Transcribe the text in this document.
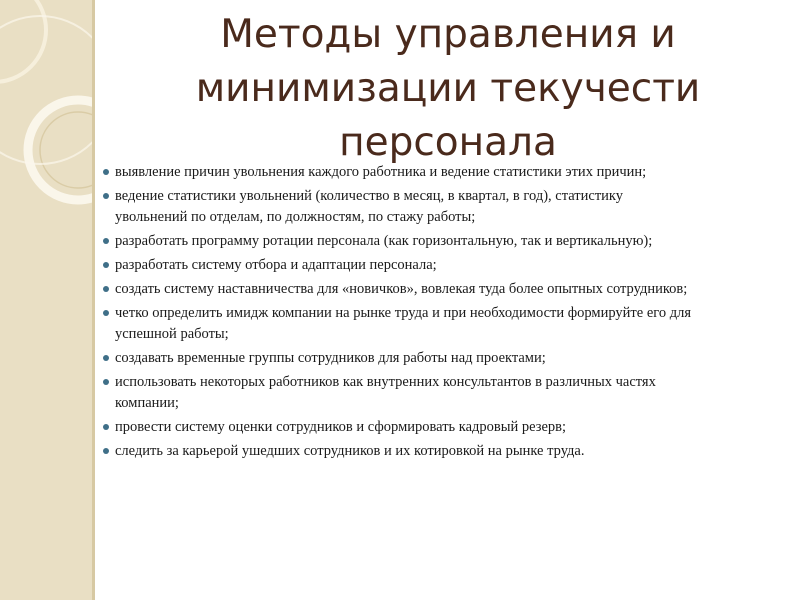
Методы управления и минимизации текучести персонала
выявление причин увольнения каждого работника и ведение статистики этих причин;
ведение статистики увольнений (количество в месяц, в квартал, в год), статистику увольнений по отделам, по должностям, по стажу работы;
разработать программу ротации персонала (как горизонтальную, так и вертикальную);
разработать систему отбора и адаптации персонала;
создать систему наставничества для «новичков», вовлекая туда более опытных сотрудников;
четко определить имидж компании на рынке труда и при необходимости формируйте его для успешной работы;
создавать временные группы сотрудников для работы над проектами;
использовать некоторых работников как внутренних консультантов в различных частях компании;
провести систему оценки сотрудников и сформировать кадровый резерв;
следить за карьерой ушедших сотрудников и их котировкой на рынке труда.
